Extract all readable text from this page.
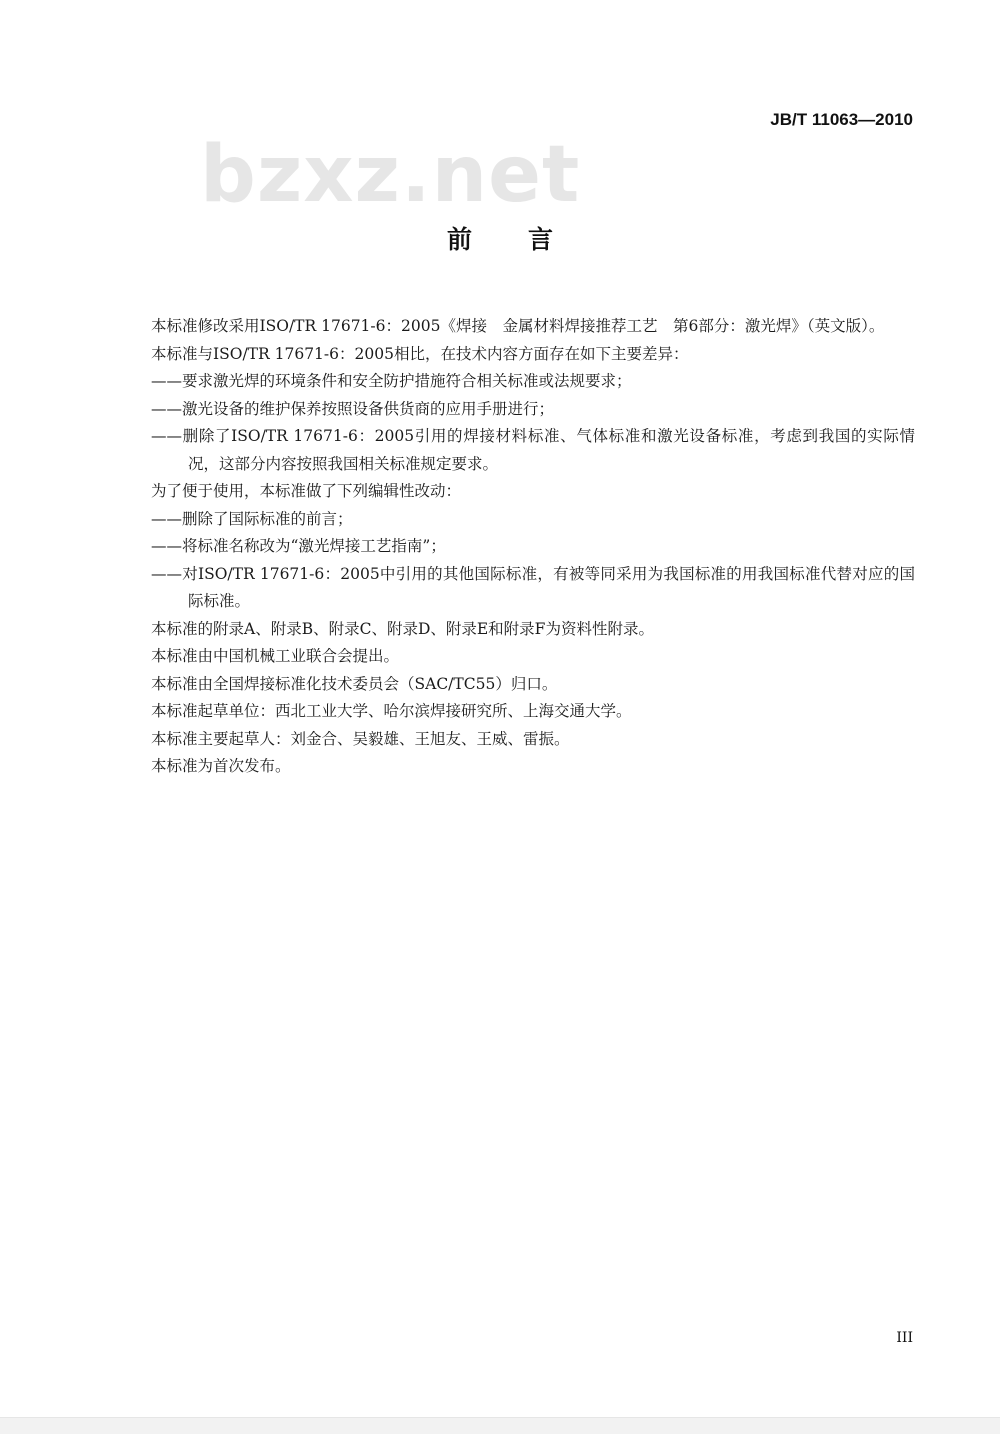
JB/T 11063—2010
bzxz.net
前言

本标准修改采用ISO/TR 17671-6：2005《焊接　金属材料焊接推荐工艺　第6部分：激光焊》（英文版）。

本标准与ISO/TR 17671-6：2005相比，在技术内容方面存在如下主要差异：

——要求激光焊的环境条件和安全防护措施符合相关标准或法规要求；

——激光设备的维护保养按照设备供货商的应用手册进行；

——删除了ISO/TR 17671-6：2005引用的焊接材料标准、气体标准和激光设备标准，考虑到我国的实际情况，这部分内容按照我国相关标准规定要求。

为了便于使用，本标准做了下列编辑性改动：

——删除了国际标准的前言；

——将标准名称改为“激光焊接工艺指南”；

——对ISO/TR 17671-6：2005中引用的其他国际标准，有被等同采用为我国标准的用我国标准代替对应的国际标准。

本标准的附录A、附录B、附录C、附录D、附录E和附录F为资料性附录。

本标准由中国机械工业联合会提出。

本标准由全国焊接标准化技术委员会（SAC/TC55）归口。

本标准起草单位：西北工业大学、哈尔滨焊接研究所、上海交通大学。

本标准主要起草人：刘金合、吴毅雄、王旭友、王威、雷振。

本标准为首次发布。

III
